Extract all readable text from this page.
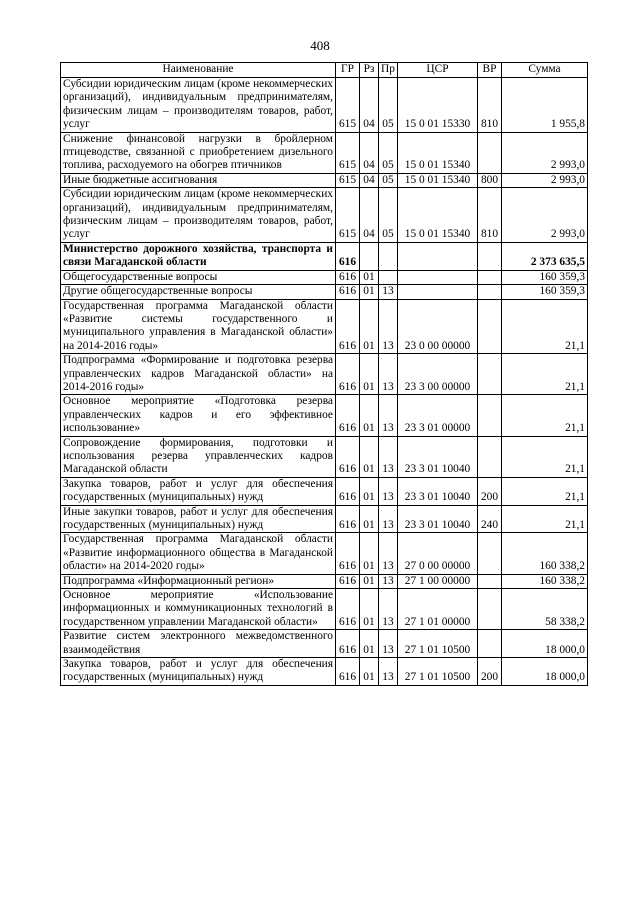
408
Наименование	ГР	Рз	Пр	ЦСР	ВР	Сумма
Субсидии юридическим лицам (кроме некоммерческих организаций), индивидуальным предпринимателям, физическим лицам – производителям товаров, работ, услуг	615	04	05	15 0 01 15330	810	1 955,8
Снижение финансовой нагрузки в бройлерном птицеводстве, связанной с приобретением дизельного топлива, расходуемого на обогрев птичников	615	04	05	15 0 01 15340		2 993,0
Иные бюджетные ассигнования	615	04	05	15 0 01 15340	800	2 993,0
Субсидии юридическим лицам (кроме некоммерческих организаций), индивидуальным предпринимателям, физическим лицам – производителям товаров, работ, услуг	615	04	05	15 0 01 15340	810	2 993,0
Министерство дорожного хозяйства, транспорта и связи Магаданской области	616					2 373 635,5
Общегосударственные вопросы	616	01				160 359,3
Другие общегосударственные вопросы	616	01	13			160 359,3
Государственная программа Магаданской области «Развитие системы государственного и муниципального управления в Магаданской области» на 2014-2016 годы»	616	01	13	23 0 00 00000		21,1
Подпрограмма «Формирование и подготовка резерва управленческих кадров Магаданской области» на 2014-2016 годы»	616	01	13	23 3 00 00000		21,1
Основное мероприятие «Подготовка резерва управленческих кадров и его эффективное использование»	616	01	13	23 3 01 00000		21,1
Сопровождение формирования, подготовки и использования резерва управленческих кадров Магаданской области	616	01	13	23 3 01 10040		21,1
Закупка товаров, работ и услуг для обеспечения государственных (муниципальных) нужд	616	01	13	23 3 01 10040	200	21,1
Иные закупки товаров, работ и услуг для обеспечения государственных (муниципальных) нужд	616	01	13	23 3 01 10040	240	21,1
Государственная программа Магаданской области «Развитие информационного общества в Магаданской области» на 2014-2020 годы»	616	01	13	27 0 00 00000		160 338,2
Подпрограмма «Информационный регион»	616	01	13	27 1 00 00000		160 338,2
Основное мероприятие «Использование информационных и коммуникационных технологий в государственном управлении Магаданской области»	616	01	13	27 1 01 00000		58 338,2
Развитие систем электронного межведомственного взаимодействия	616	01	13	27 1 01 10500		18 000,0
Закупка товаров, работ и услуг для обеспечения государственных (муниципальных) нужд	616	01	13	27 1 01 10500	200	18 000,0
